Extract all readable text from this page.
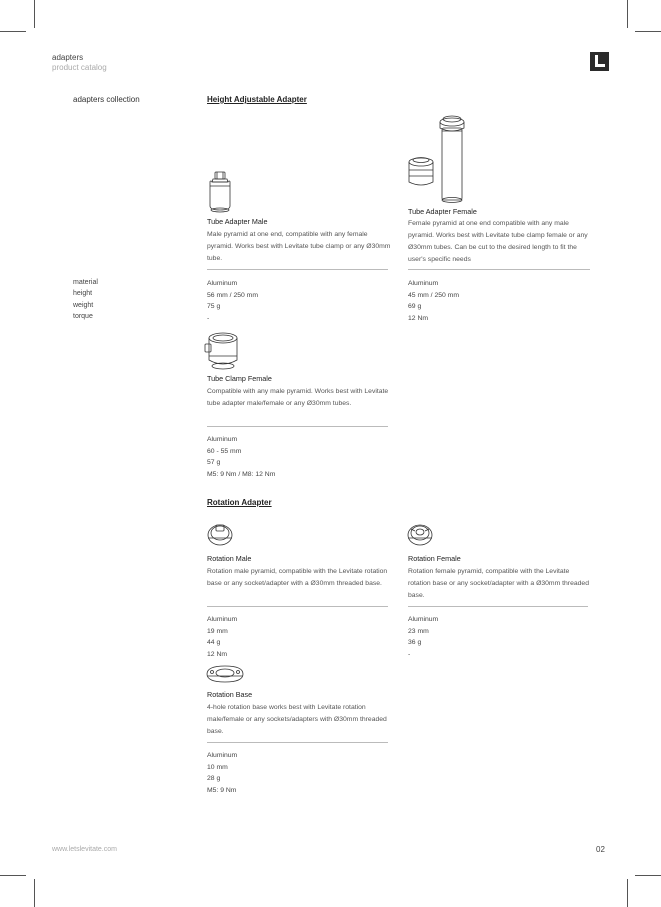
adapters
product catalog
adapters collection
material
height
weight
torque
Height Adjustable Adapter
Tube Adapter Male
Male pyramid at one end, compatible with any female pyramid. Works best with Levitate tube clamp or any Ø30mm tube.
Aluminum
56 mm / 250 mm
75 g
-
Tube Adapter Female
Female pyramid at one end compatible with any male pyramid. Works best with Levitate tube clamp female or any Ø30mm tubes. Can be cut to the desired length to fit the user's specific needs
Aluminum
45 mm / 250 mm
69 g
12 Nm
Tube Clamp Female
Compatible with any male pyramid. Works best with Levitate tube adapter male/female or any Ø30mm tubes.
Aluminum
60 - 55 mm
57 g
M5: 9 Nm / M8: 12 Nm
Rotation Adapter
Rotation Male
Rotation male pyramid, compatible with the Levitate rotation base or any socket/adapter with a Ø30mm threaded base.
Aluminum
19 mm
44 g
12 Nm
Rotation Female
Rotation female pyramid, compatible with the Levitate rotation base or any socket/adapter with a Ø30mm threaded base.
Aluminum
23 mm
36 g
-
Rotation Base
4-hole rotation base works best with Levitate rotation male/female or any sockets/adapters with Ø30mm threaded base.
Aluminum
10 mm
28 g
M5: 9 Nm
www.letslevitate.com	02
